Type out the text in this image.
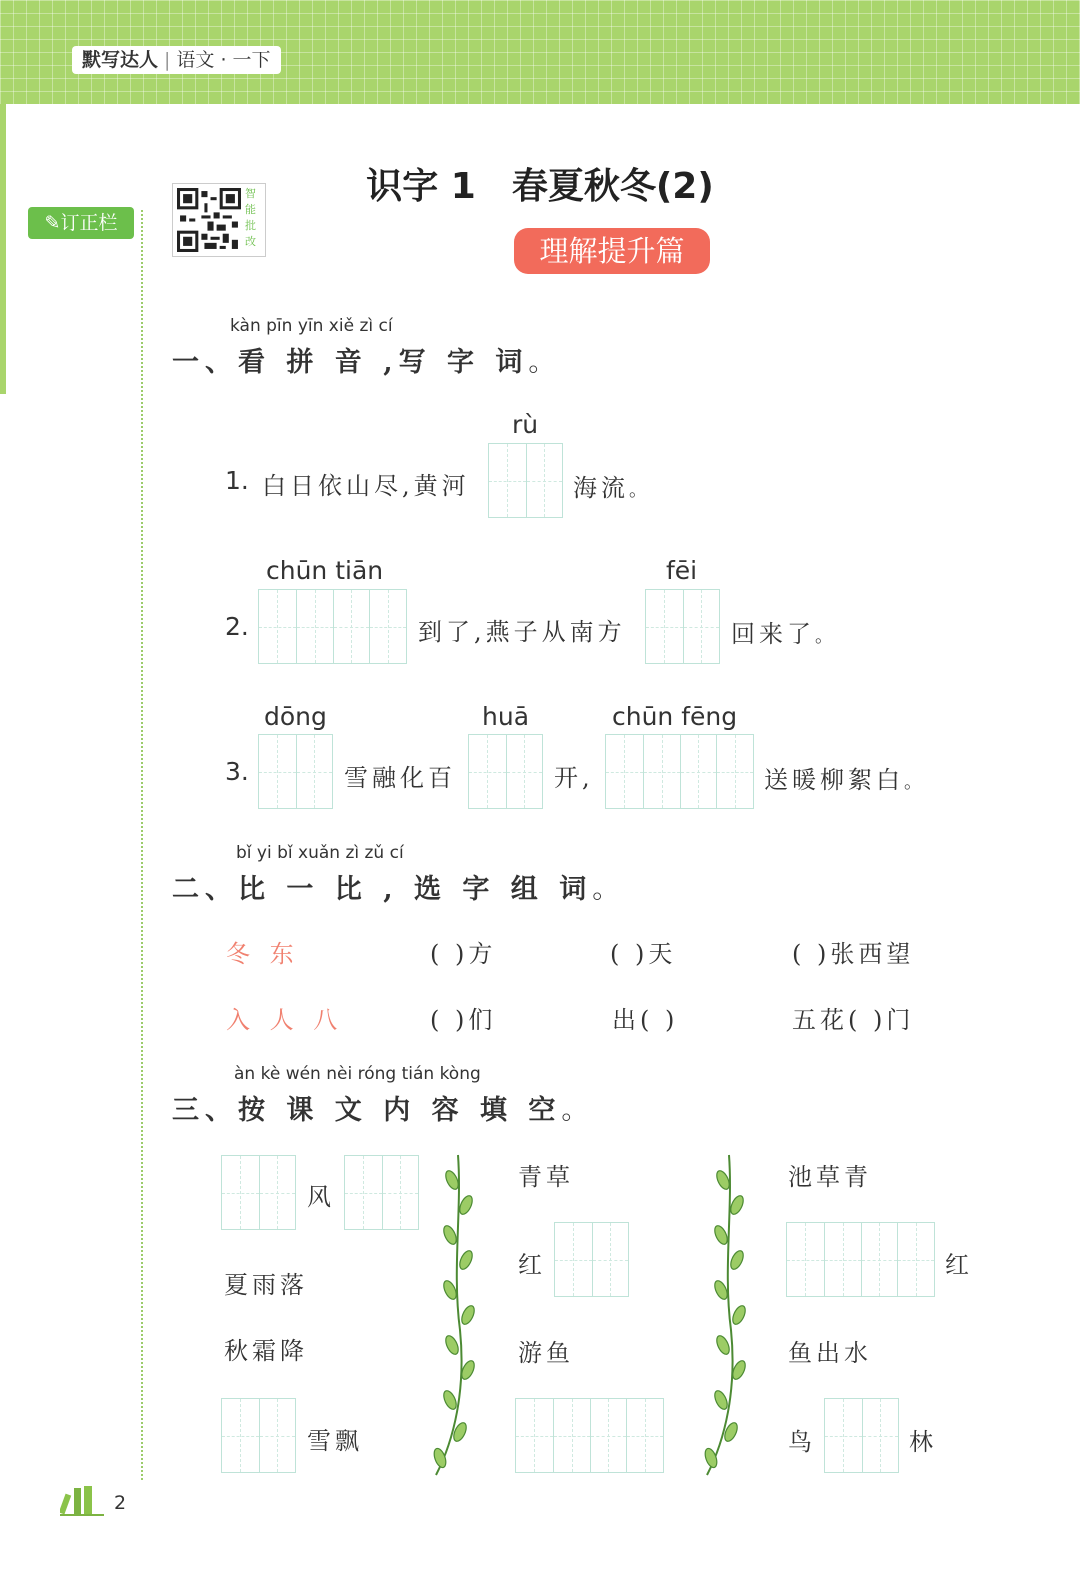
默写达人 | 语文 · 一下
✎订正栏
智能批改
识字 1 春夏秋冬(2)
理解提升篇
kàn pīn yīn xiě zì cí
一、看 拼 音 ,写 字 词。
1. 白日依山尽,黄河
rù
海流。
2.
chūn tiān
到了,燕子从南方
fēi
回来了。
3.
dōng
雪融化百
huā
开,
chūn fēng
送暖柳絮白。
bǐ yi bǐ xuǎn zì zǔ cí
二、比 一 比 , 选 字 组 词。
冬 东	( )方	( )天	( )张西望
入 人 八	( )们	出( )	五花( )门
àn kè wén nèi róng tián kòng
三、按 课 文 内 容 填 空。
风
夏雨落
秋霜降
雪飘
青草
红
游鱼
池草青
红
鱼出水
鸟	林
2
